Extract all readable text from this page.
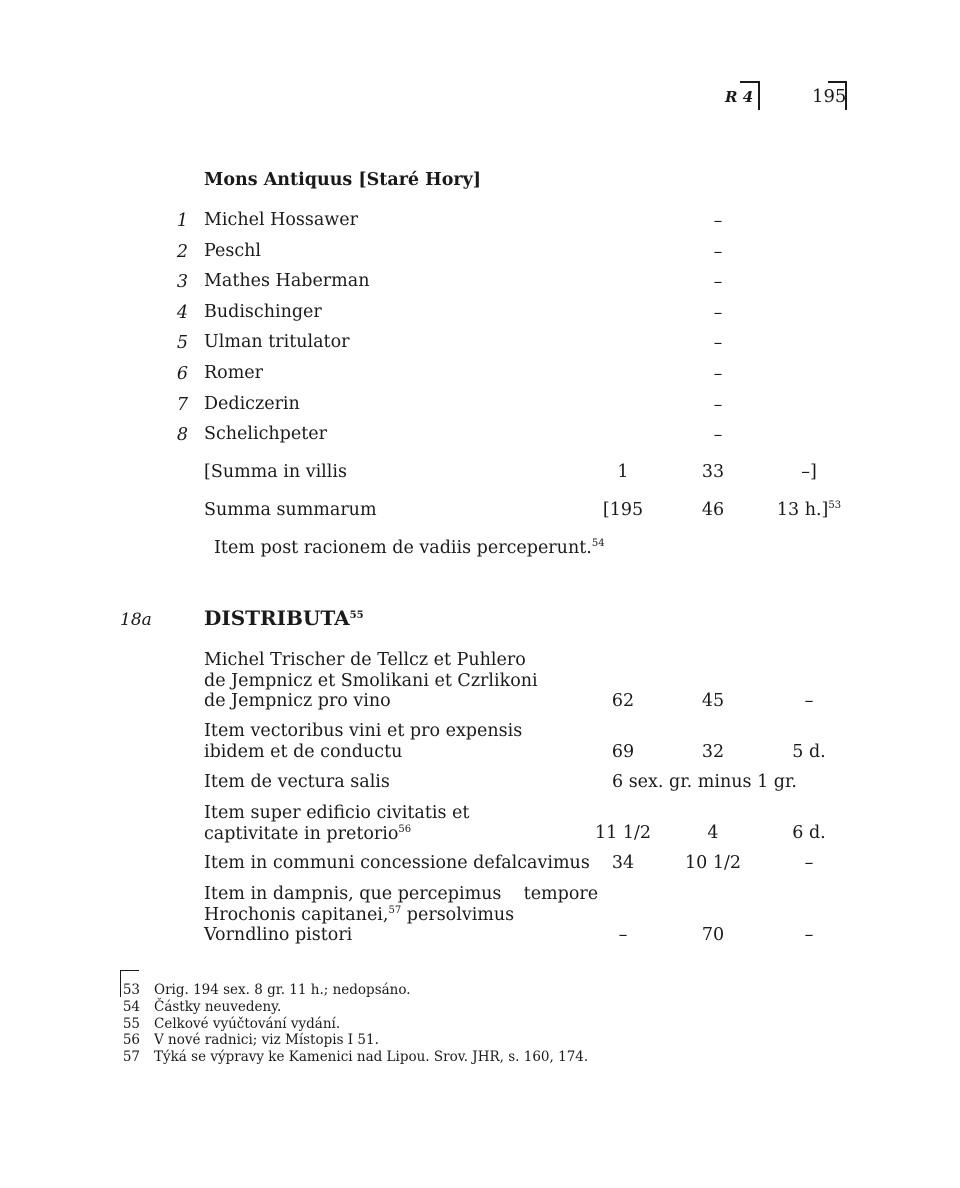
R 4	195
Mons Antiquus [Staré Hory]
1 Michel Hossawer	–
2 Peschl	–
3 Mathes Haberman	–
4 Budischinger	–
5 Ulman tritulator	–
6 Romer	–
7 Dediczerin	–
8 Schelichpeter	–
[Summa in villis	1	33	–]
Summa summarum	[195	46	13 h.]$^{53}$
Item post racionem de vadiis perceperunt.$^{54}$
18a	DISTRIBUTA$^{55}$
Michel Trischer de Tellcz et Puhlero
de Jempnicz et Smolikani et Czrlikoni
de Jempnicz pro vino	62	45	–
Item vectoribus vini et pro expensis
ibidem et de conductu	69	32	5 d.
Item de vectura salis	6 sex. gr. minus 1 gr.
Item super edificio civitatis et
captivitate in pretorio$^{56}$	11 1/2	4	6 d.
Item in communi concessione defalcavimus	34	10 1/2	–
Item in dampnis, que percepimus    tempore
Hrochonis capitanei,$^{57}$ persolvimus
Vorndlino pistori	–	70	–
53 Orig. 194 sex. 8 gr. 11 h.; nedopsáno.
54 Částky neuvedeny.
55 Celkové vyúčtování vydání.
56 V nové radnici; viz Místopis I 51.
57 Týká se výpravy ke Kamenici nad Lipou. Srov. JHR, s. 160, 174.
